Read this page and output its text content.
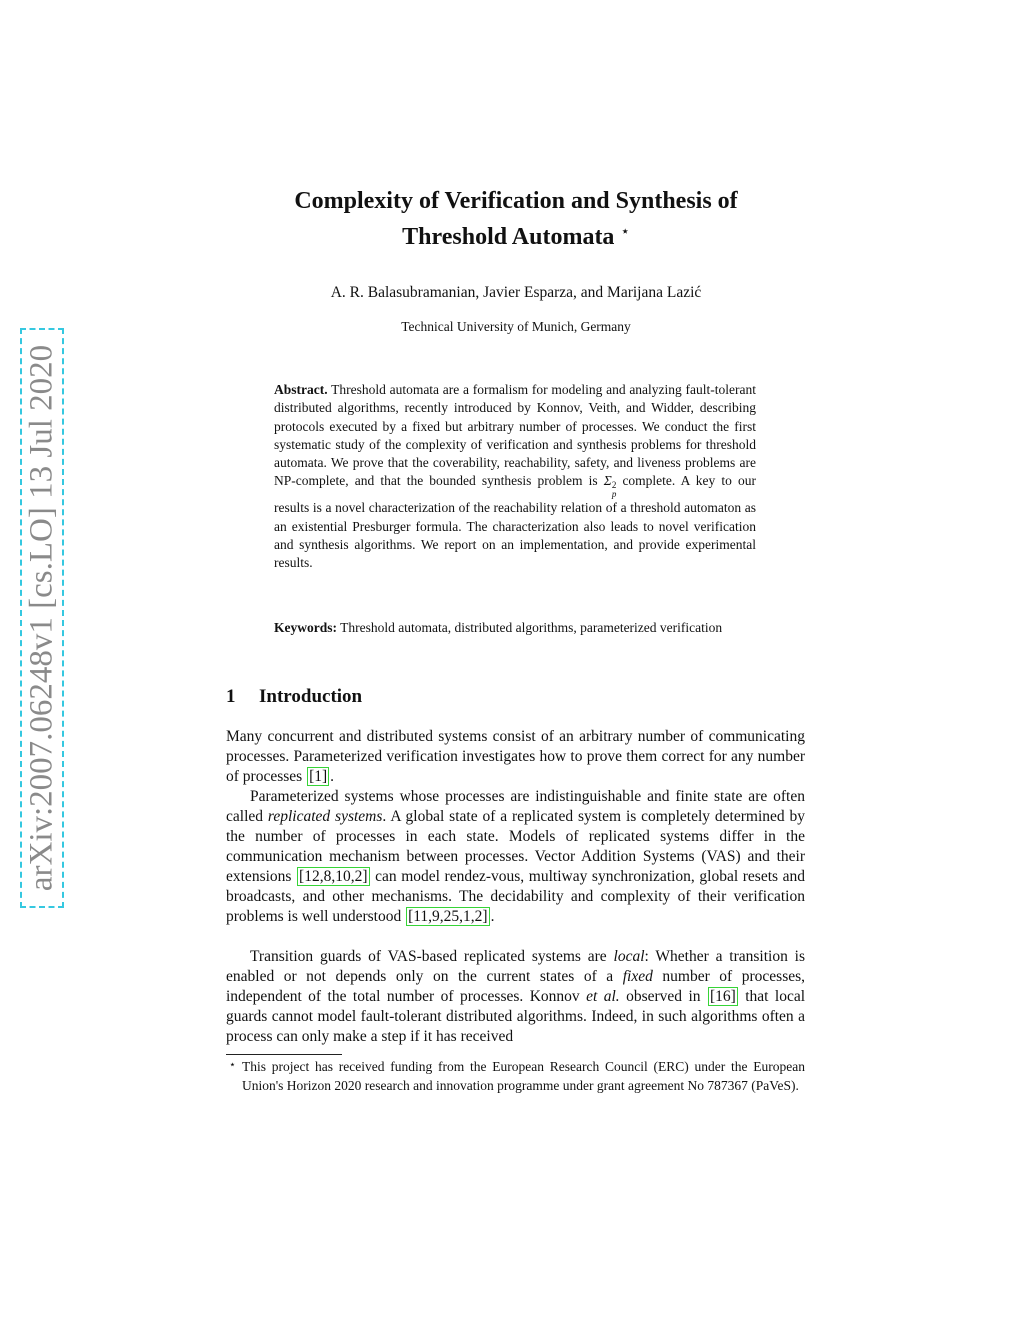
arXiv:2007.06248v1 [cs.LO] 13 Jul 2020
Complexity of Verification and Synthesis of
Threshold Automata ⋆
A. R. Balasubramanian, Javier Esparza, and Marijana Lazić
Technical University of Munich, Germany
Abstract. Threshold automata are a formalism for modeling and analyzing fault-tolerant distributed algorithms, recently introduced by Konnov, Veith, and Widder, describing protocols executed by a fixed but arbitrary number of processes. We conduct the first systematic study of the complexity of verification and synthesis problems for threshold automata. We prove that the coverability, reachability, safety, and liveness problems are NP-complete, and that the bounded synthesis problem is Σ 2
p
complete. A key to our results is a novel characterization of the reachability relation of a threshold automaton as an existential Presburger formula. The characterization also leads to novel verification and synthesis algorithms. We report on an implementation, and provide experimental results.
Keywords: Threshold automata, distributed algorithms, parameterized verification
1 Introduction
Many concurrent and distributed systems consist of an arbitrary number of communicating processes. Parameterized verification investigates how to prove them correct for any number of processes [1] .
Parameterized systems whose processes are indistinguishable and finite state are often called replicated systems. A global state of a replicated system is completely determined by the number of processes in each state. Models of replicated systems differ in the communication mechanism between processes. Vector Addition Systems (VAS) and their extensions [12,8,10,2] can model rendez-vous, multiway synchronization, global resets and broadcasts, and other mechanisms. The decidability and complexity of their verification problems is well understood [11,9,25,1,2] .
Transition guards of VAS-based replicated systems are local: Whether a transition is enabled or not depends only on the current states of a fixed number of processes, independent of the total number of processes. Konnov et al. observed in [16] that local guards cannot model fault-tolerant distributed algorithms. Indeed, in such algorithms often a process can only make a step if it has received
⋆ This project has received funding from the European Research Council (ERC) under the European Union's Horizon 2020 research and innovation programme under grant agreement No 787367 (PaVeS).
